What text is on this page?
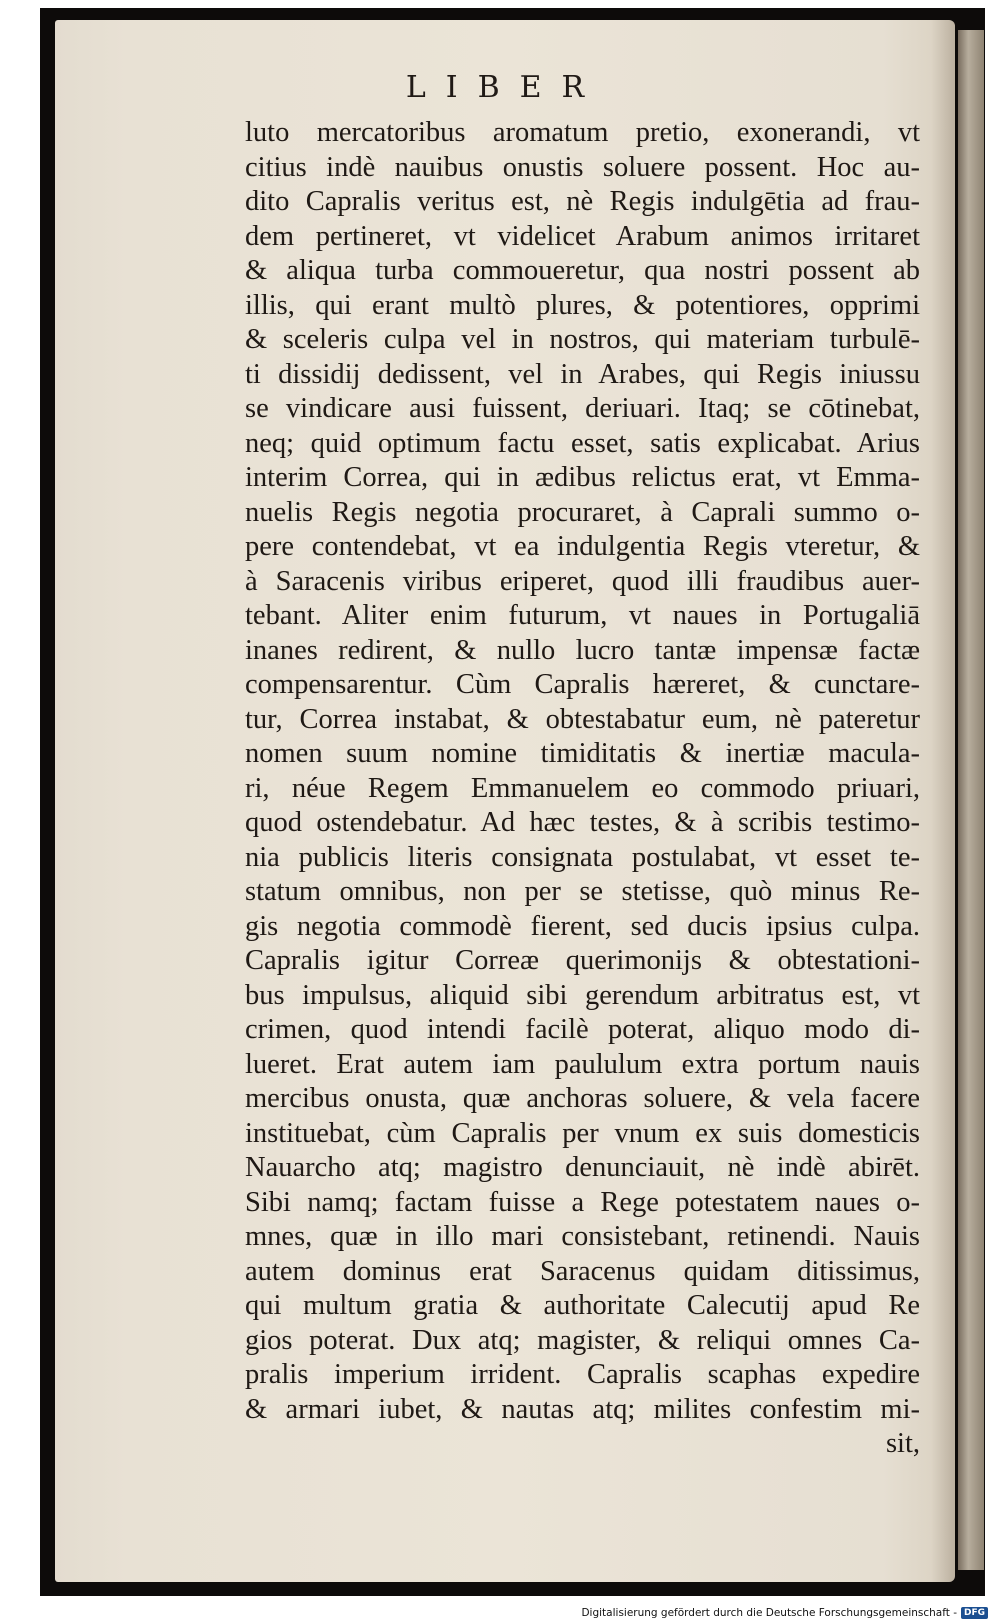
LIBER
luto mercatoribus aromatum pretio, exonerandi, vt
citius indè nauibus onustis soluere possent. Hoc au-
dito Capralis veritus est, nè Regis indulgētia ad frau-
dem pertineret, vt videlicet Arabum animos irritaret
& aliqua turba commoueretur, qua nostri possent ab
illis, qui erant multò plures, & potentiores, opprimi
& sceleris culpa vel in nostros, qui materiam turbulē-
ti dissidij dedissent, vel in Arabes, qui Regis iniussu
se vindicare ausi fuissent, deriuari. Itaq; se cōtinebat,
neq; quid optimum factu esset, satis explicabat. Arius
interim Correa, qui in ædibus relictus erat, vt Emma-
nuelis Regis negotia procuraret, à Caprali summo o-
pere contendebat, vt ea indulgentia Regis vteretur, &
à Saracenis viribus eriperet, quod illi fraudibus auer-
tebant. Aliter enim futurum, vt naues in Portugaliā
inanes redirent, & nullo lucro tantæ impensæ factæ
compensarentur. Cùm Capralis hæreret, & cunctare-
tur, Correa instabat, & obtestabatur eum, nè pateretur
nomen suum nomine timiditatis & inertiæ macula-
ri, néue Regem Emmanuelem eo commodo priuari,
quod ostendebatur. Ad hæc testes, & à scribis testimo-
nia publicis literis consignata postulabat, vt esset te-
statum omnibus, non per se stetisse, quò minus Re-
gis negotia commodè fierent, sed ducis ipsius culpa.
Capralis igitur Correæ querimonijs & obtestationi-
bus impulsus, aliquid sibi gerendum arbitratus est, vt
crimen, quod intendi facilè poterat, aliquo modo di-
lueret. Erat autem iam paululum extra portum nauis
mercibus onusta, quæ anchoras soluere, & vela facere
instituebat, cùm Capralis per vnum ex suis domesticis
Nauarcho atq; magistro denunciauit, nè indè abirēt.
Sibi namq; factam fuisse a Rege potestatem naues o-
mnes, quæ in illo mari consistebant, retinendi. Nauis
autem dominus erat Saracenus quidam ditissimus,
qui multum gratia & authoritate Calecutij apud Re
gios poterat. Dux atq; magister, & reliqui omnes Ca-
pralis imperium irrident. Capralis scaphas expedire
& armari iubet, & nautas atq; milites confestim mi-
sit,
Digitalisierung gefördert durch die Deutsche Forschungsgemeinschaft - DFG
